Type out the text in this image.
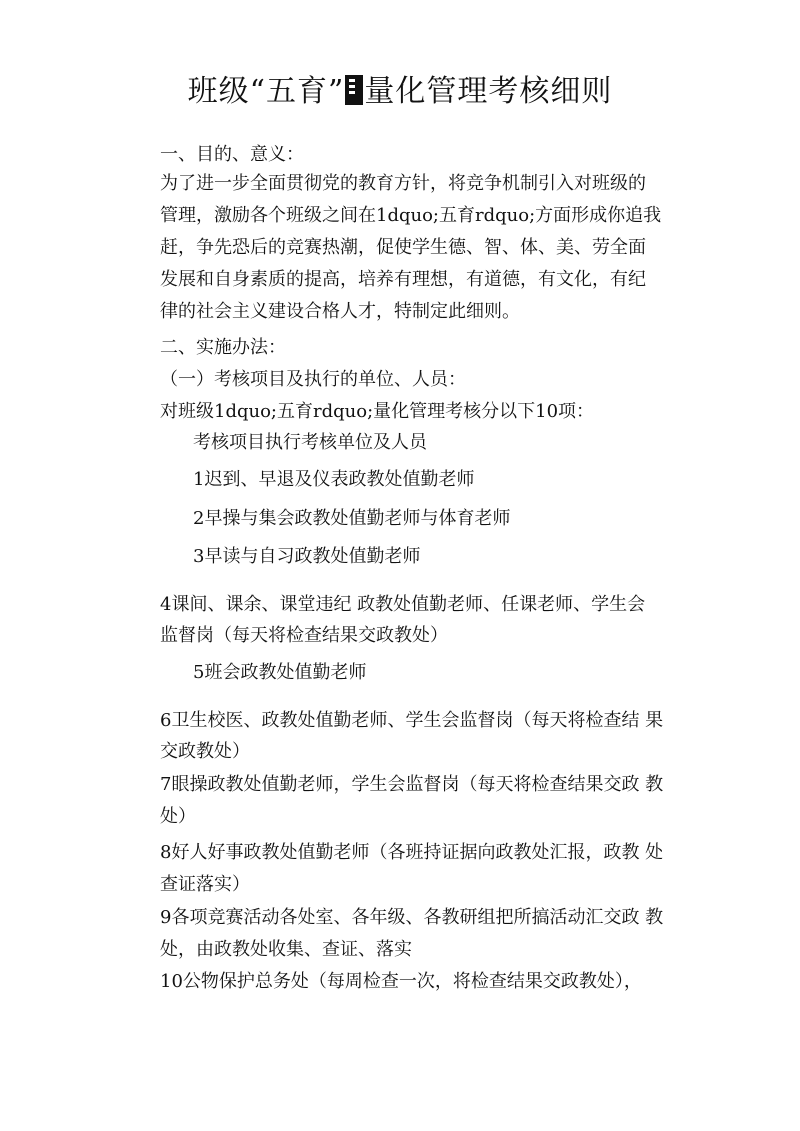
班级“五育” 量化管理考核细则
一、目的、意义：
为了进一步全面贯彻党的教育方针，将竞争机制引入对班级的
管理，激励各个班级之间在1dquo;五育rdquo;方面形成你追我
赶，争先恐后的竞赛热潮，促使学生德、智、体、美、劳全面
发展和自身素质的提高，培养有理想，有道德，有文化，有纪
律的社会主义建设合格人才，特制定此细则。
二、实施办法：
（一）考核项目及执行的单位、人员：
对班级1dquo;五育rdquo;量化管理考核分以下10项：
考核项目执行考核单位及人员
1迟到、早退及仪表政教处值勤老师
2早操与集会政教处值勤老师与体育老师
3早读与自习政教处值勤老师
4课间、课余、课堂违纪 政教处值勤老师、任课老师、学生会
监督岗（每天将检查结果交政教处）
5班会政教处值勤老师
6卫生校医、政教处值勤老师、学生会监督岗（每天将检查结 果
交政教处）
7眼操政教处值勤老师，学生会监督岗（每天将检查结果交政 教
处）
8好人好事政教处值勤老师（各班持证据向政教处汇报，政教 处
查证落实）
9各项竞赛活动各处室、各年级、各教研组把所搞活动汇交政 教
处，由政教处收集、查证、落实
10公物保护总务处（每周检查一次，将检查结果交政教处），
